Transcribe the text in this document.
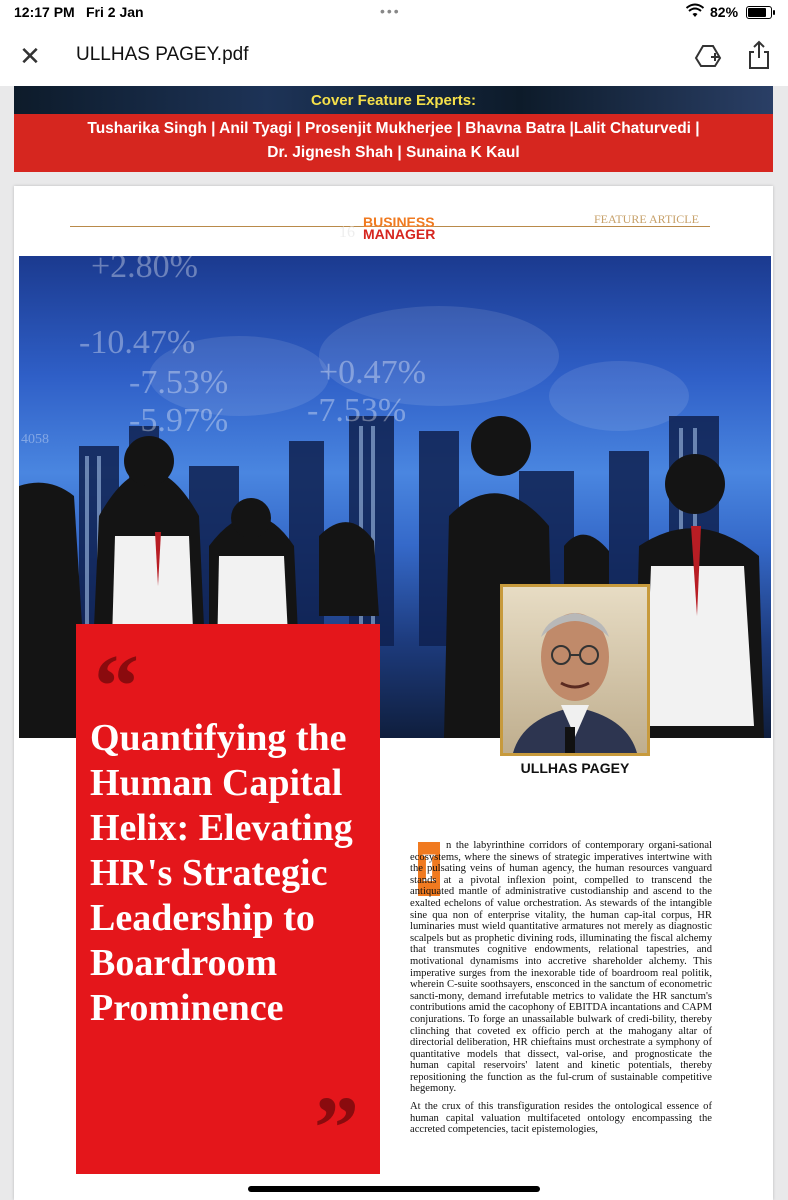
12:17 PM Fri 2 Jan	•••	82%
✕ ULLHAS PAGEY.pdf
Cover Feature Experts:
Tusharika Singh | Anil Tyagi | Prosenjit Mukherjee | Bhavna Batra |Lalit Chaturvedi |
Dr. Jignesh Shah | Sunaina K Kaul
+2.80%
-10.47%
-7.53%
-5.97%
+0.47%
-7.53%
4058
16
BUSINESS
MANAGER
FEATURE ARTICLE
JANUARY 2026
ULLHAS PAGEY
“
”
Quantifying the Human Capital Helix: Elevating HR's Strategic Leadership to Boardroom Prominence
I n the labyrinthine corridors of contemporary organi-sational ecosystems, where the sinews of strategic imperatives intertwine with the pulsating veins of human agency, the human resources vanguard stands at a pivotal inflexion point, compelled to transcend the antiquated mantle of administrative custodianship and ascend to the exalted echelons of value orchestration. As stewards of the intangible sine qua non of enterprise vitality, the human cap-ital corpus, HR luminaries must wield quantitative armatures not merely as diagnostic scalpels but as prophetic divining rods, illuminating the fiscal alchemy that transmutes cognitive endowments, relational tapestries, and motivational dynamisms into accretive shareholder alchemy. This imperative surges from the inexorable tide of boardroom real politik, wherein C-suite soothsayers, ensconced in the sanctum of econometric sancti-mony, demand irrefutable metrics to validate the HR sanctum's contributions amid the cacophony of EBITDA incantations and CAPM conjurations. To forge an unassailable bulwark of credi-bility, thereby clinching that coveted ex officio perch at the mahogany altar of directorial deliberation, HR chieftains must orchestrate a symphony of quantitative models that dissect, val-orise, and prognosticate the human capital reservoirs' latent and kinetic potentials, thereby repositioning the function as the ful-crum of sustainable competitive hegemony.

At the crux of this transfiguration resides the ontological essence of human capital valuation multifaceted ontology encompassing the accreted competencies, tacit epistemologies,
